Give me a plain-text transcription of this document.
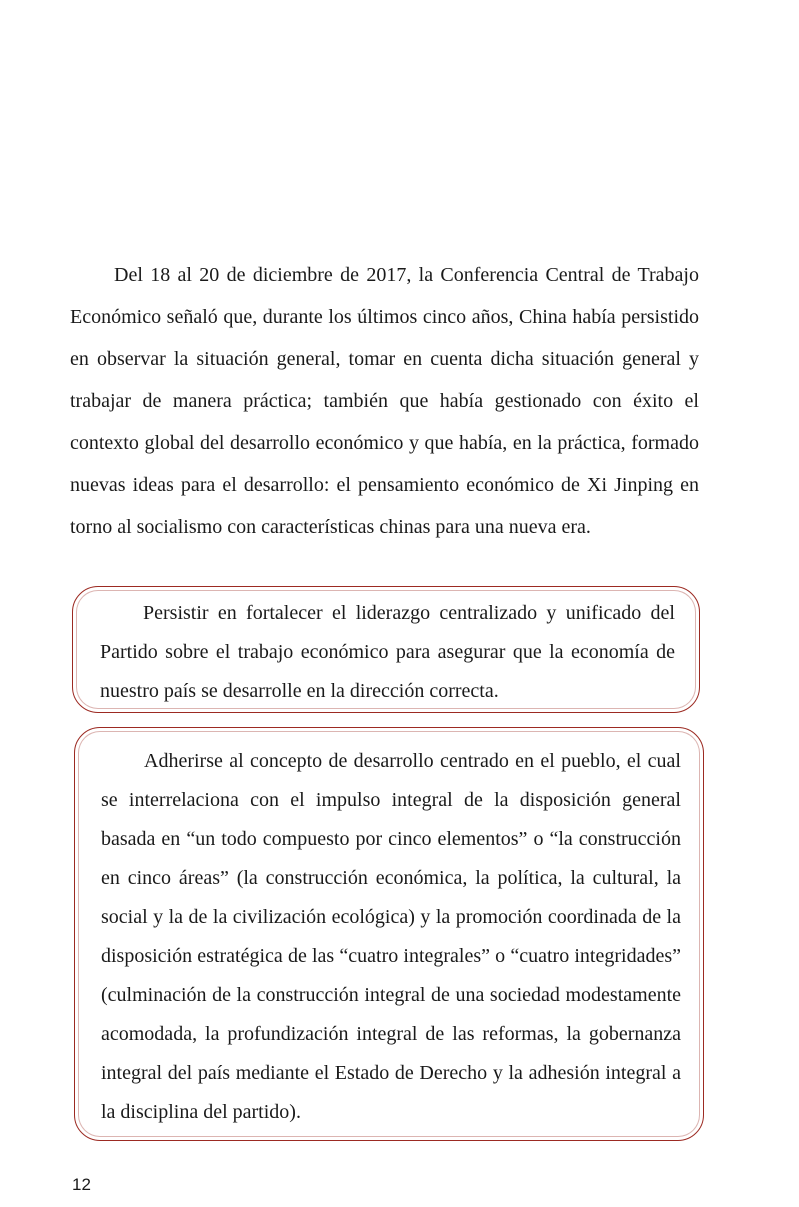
Del 18 al 20 de diciembre de 2017, la Conferencia Central de Trabajo Económico señaló que, durante los últimos cinco años, China había persistido en observar la situación general, tomar en cuenta dicha situación general y trabajar de manera práctica; también que había gestionado con éxito el contexto global del desarrollo económico y que había, en la práctica, formado nuevas ideas para el desarrollo: el pensamiento económico de Xi Jinping en torno al socialismo con características chinas para una nueva era.

Persistir en fortalecer el liderazgo centralizado y unificado del Partido sobre el trabajo económico para asegurar que la economía de nuestro país se desarrolle en la dirección correcta.

Adherirse al concepto de desarrollo centrado en el pueblo, el cual se interrelaciona con el impulso integral de la disposición general basada en “un todo compuesto por cinco elementos” o “la construcción en cinco áreas” (la construcción económica, la política, la cultural, la social y la de la civilización ecológica) y la promoción coordinada de la disposición estratégica de las “cuatro integrales” o “cuatro integridades” (culminación de la construcción integral de una sociedad modestamente acomodada, la profundización integral de las reformas, la gobernanza integral del país mediante el Estado de Derecho y la adhesión integral a la disciplina del partido).

12
